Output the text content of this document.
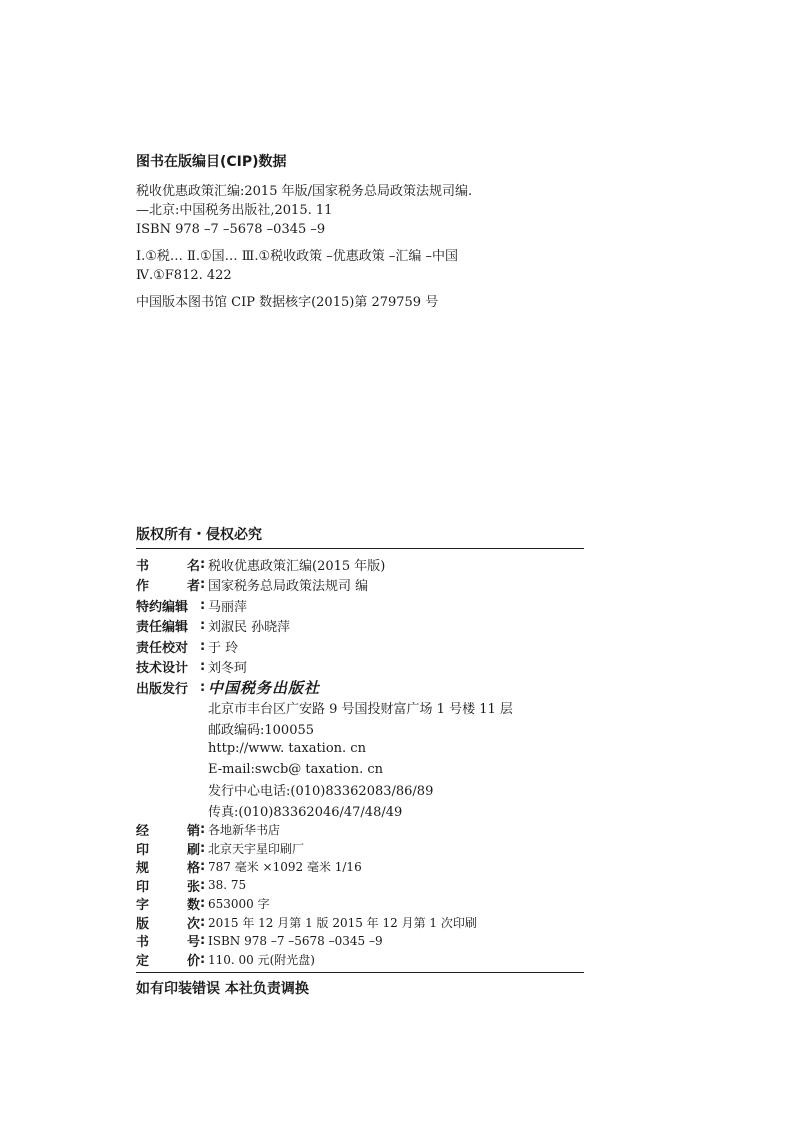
图书在版编目(CIP)数据
税收优惠政策汇编:2015 年版/国家税务总局政策法规司编.
—北京:中国税务出版社,2015. 11
ISBN 978 –7 –5678 –0345 –9
Ⅰ.①税… Ⅱ.①国… Ⅲ.①税收政策 –优惠政策 –汇编 –中国
Ⅳ.①F812. 422
中国版本图书馆 CIP 数据核字(2015)第 279759 号
版权所有・侵权必究
书	名 : 税收优惠政策汇编(2015 年版)
作	者 : 国家税务总局政策法规司 编
特约编辑 : 马丽萍
责任编辑 : 刘淑民 孙晓萍
责任校对 : 于 玲
技术设计 : 刘冬珂
出版发行 : 中国税务出版社
北京市丰台区广安路 9 号国投财富广场 1 号楼 11 层
邮政编码:100055
http://www. taxation. cn
E-mail:swcb@ taxation. cn
发行中心电话:(010)83362083/86/89
传真:(010)83362046/47/48/49
经	销 : 各地新华书店
印	刷 : 北京天宇星印刷厂
规	格 : 787 毫米 ×1092 毫米 1/16
印	张 : 38. 75
字	数 : 653000 字
版	次 : 2015 年 12 月第 1 版 2015 年 12 月第 1 次印刷
书	号 : ISBN 978 –7 –5678 –0345 –9
定	价 : 110. 00 元(附光盘)
如有印装错误 本社负责调换
